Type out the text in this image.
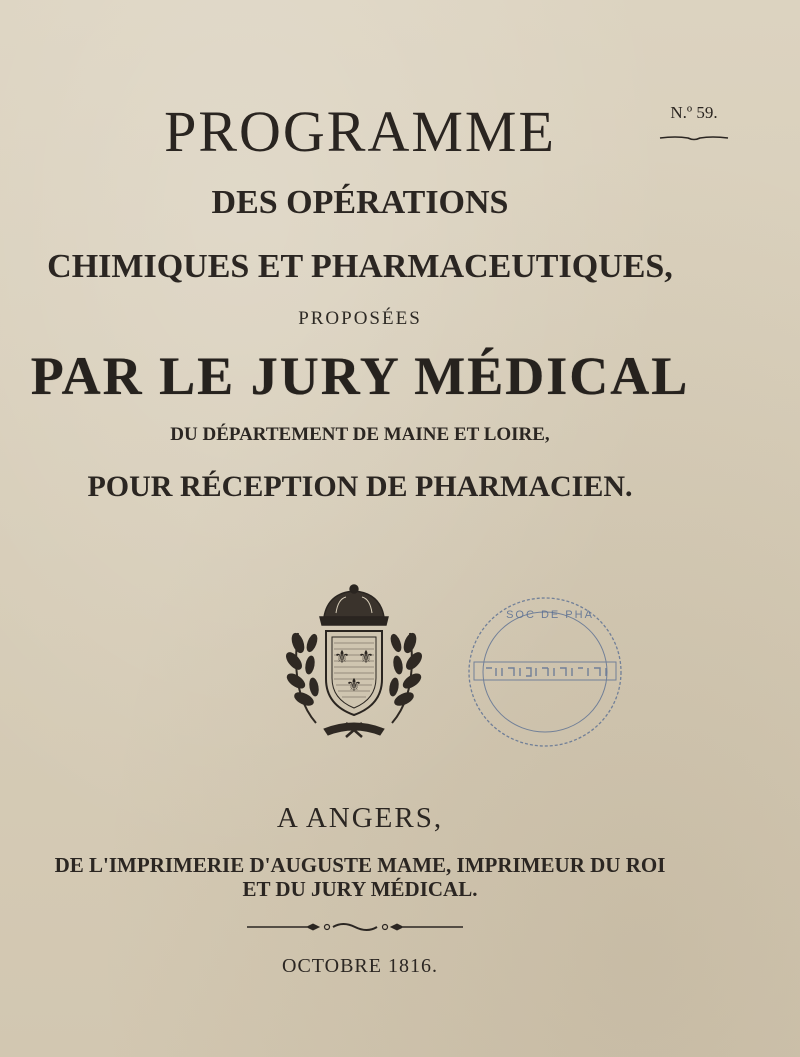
N.º 59.
PROGRAMME
DES OPÉRATIONS
CHIMIQUES ET PHARMACEUTIQUES,
PROPOSÉES
PAR LE JURY MÉDICAL
DU DÉPARTEMENT DE MAINE ET LOIRE,
POUR RÉCEPTION DE PHARMACIEN.
⚜ ⚜
⚜
SOC DE PHA
A ANGERS,
DE L'IMPRIMERIE D'AUGUSTE MAME, IMPRIMEUR DU ROI
ET DU JURY MÉDICAL.
OCTOBRE 1816.
